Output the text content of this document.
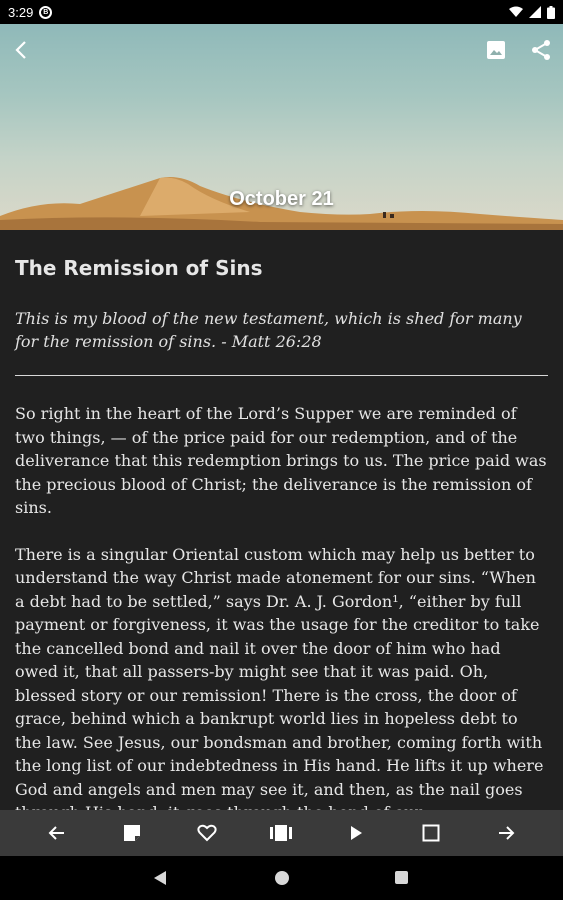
3:29	B
October 21
The Remission of Sins

This is my blood of the new testament, which is shed for many for the remission of sins. - Matt 26:28

So right in the heart of the Lord’s Supper we are reminded of two things, — of the price paid for our redemption, and of the deliverance that this redemption brings to us. The price paid was the precious blood of Christ; the deliverance is the remission of sins.

There is a singular Oriental custom which may help us better to understand the way Christ made atonement for our sins. “When a debt had to be settled,” says Dr. A. J. Gordon¹, “either by full payment or forgiveness, it was the usage for the creditor to take the cancelled bond and nail it over the door of him who had owed it, that all passers-by might see that it was paid. Oh, blessed story or our remission! There is the cross, the door of grace, behind which a bankrupt world lies in hopeless debt to the law. See Jesus, our bondsman and brother, coming forth with the long list of our indebtedness in His hand. He lifts it up where God and angels and men may see it, and then, as the nail goes
